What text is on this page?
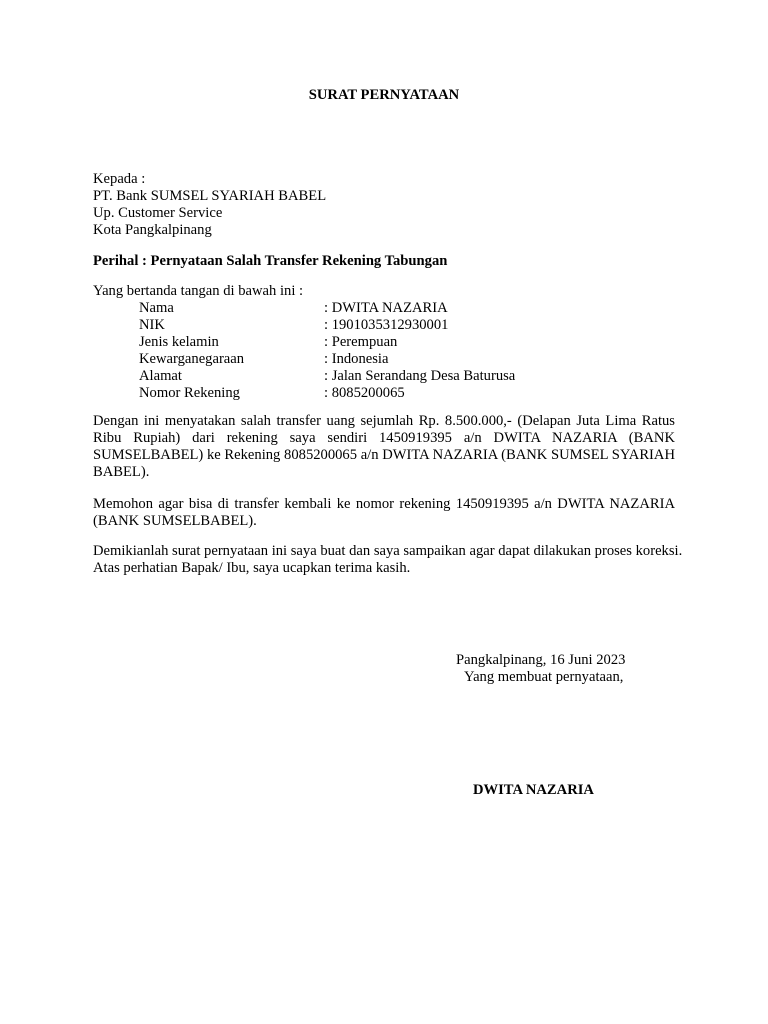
SURAT PERNYATAAN
Kepada :
PT. Bank SUMSEL SYARIAH BABEL
Up. Customer Service
Kota Pangkalpinang
Perihal : Pernyataan Salah Transfer Rekening Tabungan
Yang bertanda tangan di bawah ini :
Nama	: DWITA NAZARIA
NIK	: 1901035312930001
Jenis kelamin	: Perempuan
Kewarganegaraan	: Indonesia
Alamat	: Jalan Serandang Desa Baturusa
Nomor Rekening	: 8085200065
Dengan ini menyatakan salah transfer uang sejumlah Rp. 8.500.000,- (Delapan Juta Lima Ratus Ribu Rupiah) dari rekening saya sendiri 1450919395 a/n DWITA NAZARIA (BANK SUMSELBABEL) ke Rekening 8085200065 a/n DWITA NAZARIA (BANK SUMSEL SYARIAH BABEL).
Memohon agar bisa di transfer kembali ke nomor rekening 1450919395 a/n DWITA NAZARIA (BANK SUMSELBABEL).
Demikianlah surat pernyataan ini saya buat dan saya sampaikan agar dapat dilakukan proses koreksi. Atas perhatian Bapak/ Ibu, saya ucapkan terima kasih.
Pangkalpinang, 16 Juni 2023
Yang membuat pernyataan,
DWITA NAZARIA
